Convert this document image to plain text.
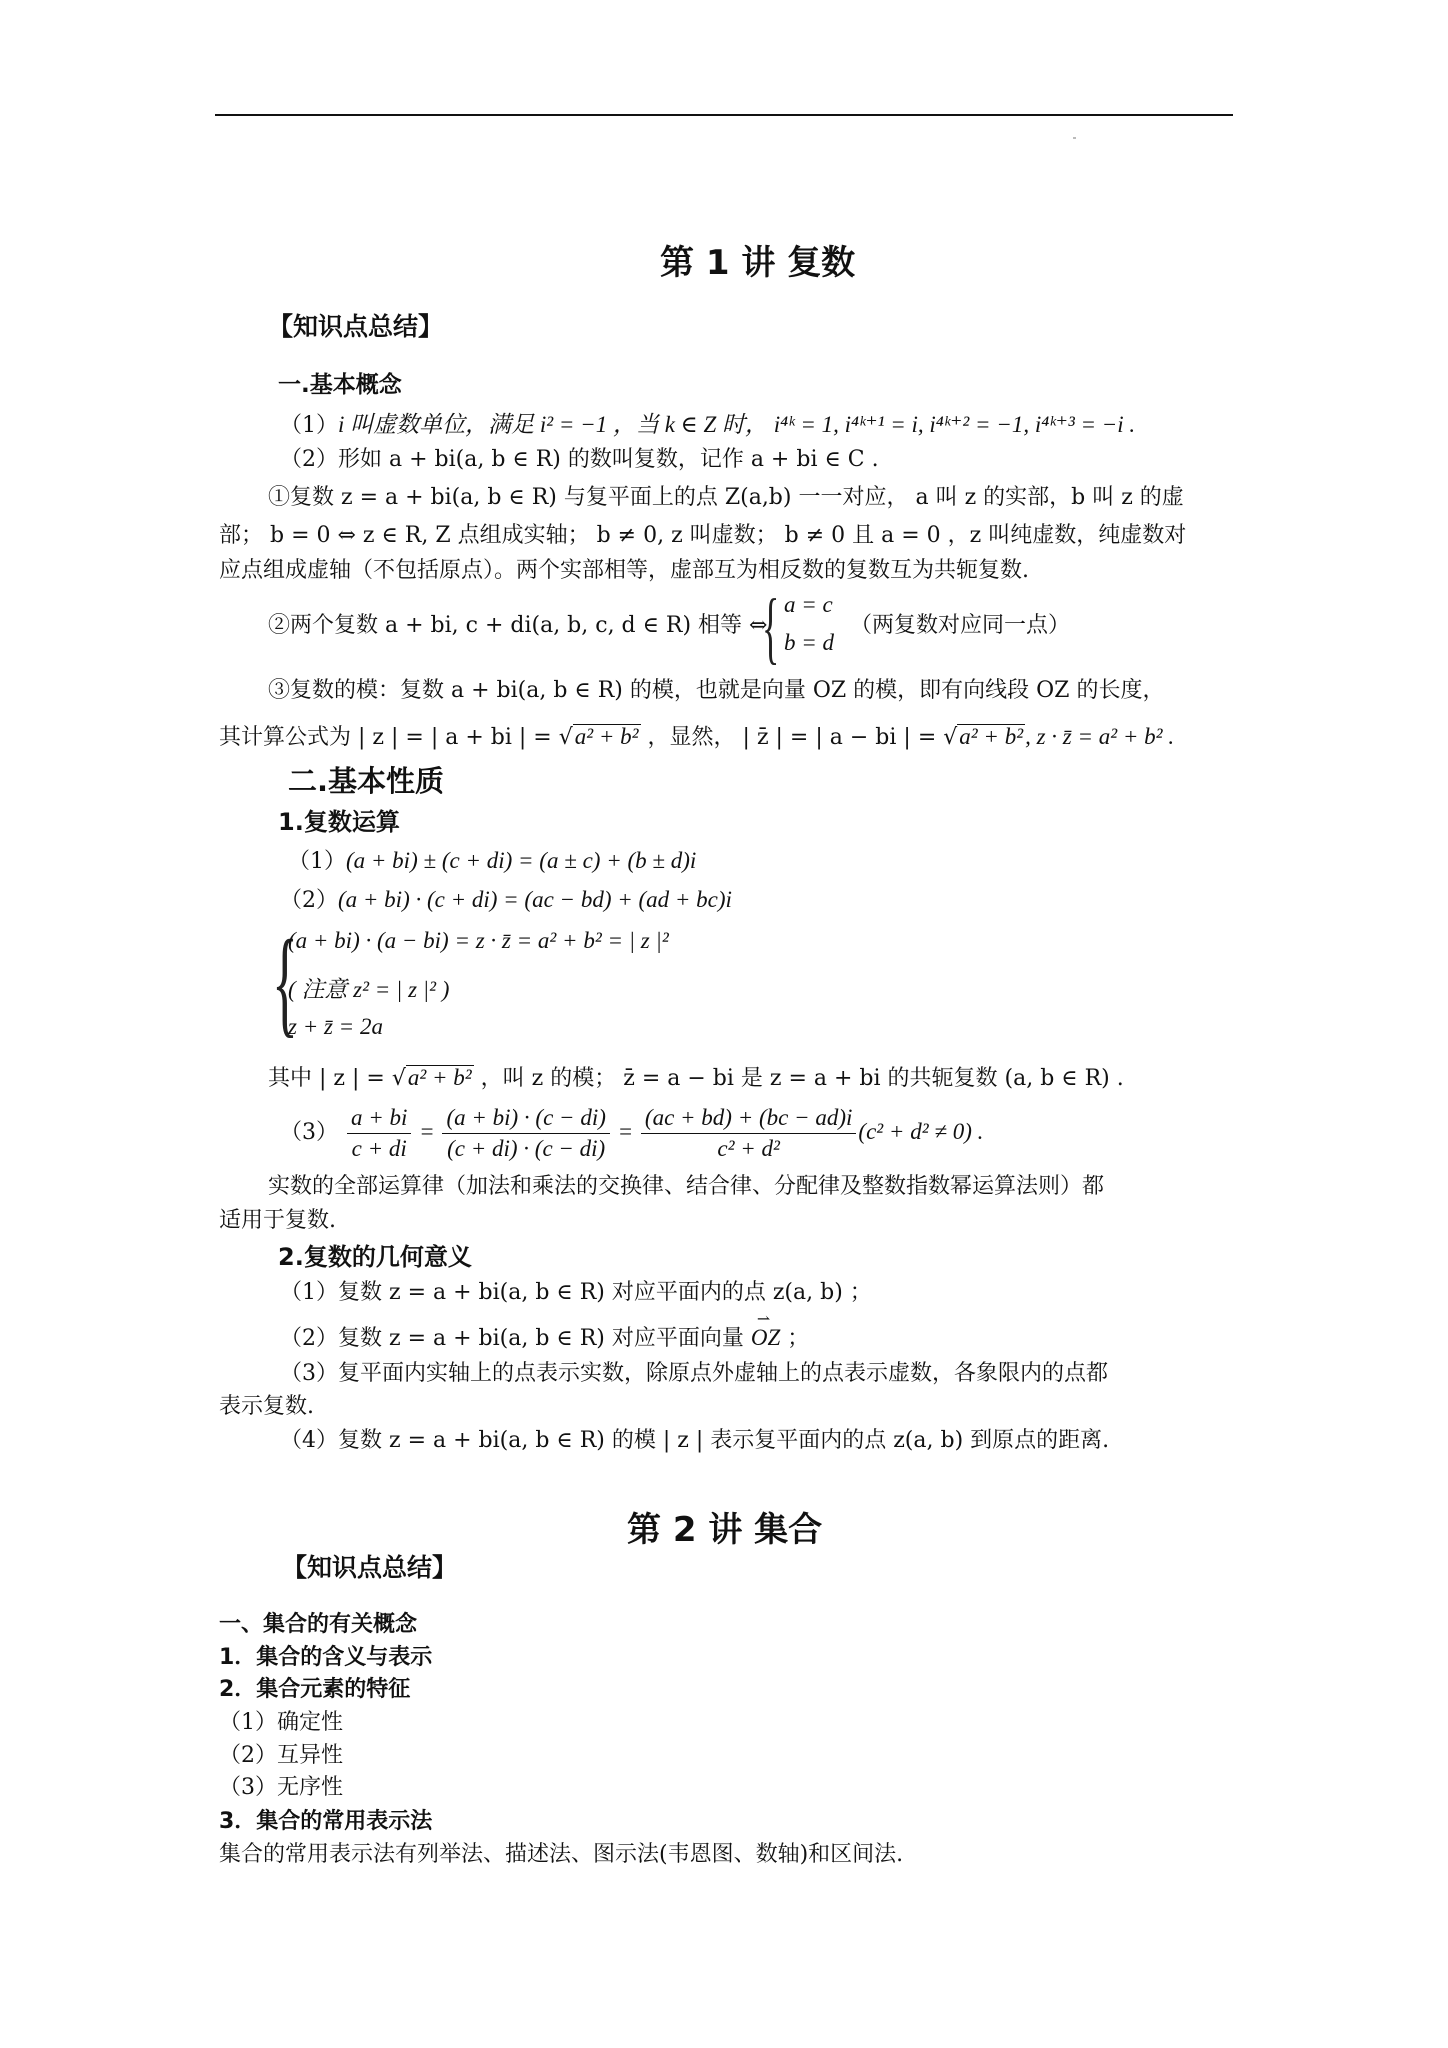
第 1 讲 复数
【知识点总结】
一.基本概念
（1）i 叫虚数单位，满足 i² = −1 ，当 k ∈ Z 时， i⁴ᵏ = 1, i⁴ᵏ⁺¹ = i, i⁴ᵏ⁺² = −1, i⁴ᵏ⁺³ = −i .
（2）形如 a + bi(a, b ∈ R) 的数叫复数，记作 a + bi ∈ C .
①复数 z = a + bi(a, b ∈ R) 与复平面上的点 Z(a,b) 一一对应， a 叫 z 的实部，b 叫 z 的虚
部； b = 0 ⇔ z ∈ R, Z 点组成实轴； b ≠ 0, z 叫虚数； b ≠ 0 且 a = 0 ，z 叫纯虚数，纯虚数对
应点组成虚轴（不包括原点）。两个实部相等，虚部互为相反数的复数互为共轭复数.
②两个复数 a + bi, c + di(a, b, c, d ∈ R) 相等 ⇔
{ a = c
b = d
（两复数对应同一点）
③复数的模：复数 a + bi(a, b ∈ R) 的模，也就是向量 OZ 的模，即有向线段 OZ 的长度，
其计算公式为 | z | = | a + bi | = √a² + b² ，显然， | z̄ | = | a − bi | = √a² + b², z · z̄ = a² + b² .
二.基本性质
1.复数运算
（1）(a + bi) ± (c + di) = (a ± c) + (b ± d)i
（2）(a + bi) · (c + di) = (ac − bd) + (ad + bc)i
{
(a + bi) · (a − bi) = z · z̄ = a² + b² = | z |²
( 注意 z² = | z |² )
z + z̄ = 2a
其中 | z | = √a² + b² ，叫 z 的模； z̄ = a − bi 是 z = a + bi 的共轭复数 (a, b ∈ R) .
$(3) \frac{a + bi}{c + di} = \frac{(a + bi) \cdot (c - di)}{(c + di) \cdot (c - di)} = \frac{(ac + bd) + (bc - ad)i}{\text{c² + d²}} (c^2 + d^2 \ne 0)$ .
实数的全部运算律（加法和乘法的交换律、结合律、分配律及整数指数幂运算法则）都
适用于复数.
2.复数的几何意义
（1）复数 z = a + bi(a, b ∈ R) 对应平面内的点 z(a, b) ；
（2）复数 z = a + bi(a, b ∈ R) 对应平面向量 ⇀ OZ ；
（3）复平面内实轴上的点表示实数，除原点外虚轴上的点表示虚数，各象限内的点都
表示复数.
（4）复数 z = a + bi(a, b ∈ R) 的模 | z | 表示复平面内的点 z(a, b) 到原点的距离.
第 2 讲 集合
【知识点总结】
一、集合的有关概念
1．集合的含义与表示
2．集合元素的特征
（1）确定性
（2）互异性
（3）无序性
3．集合的常用表示法
集合的常用表示法有列举法、描述法、图示法(韦恩图、数轴)和区间法.
